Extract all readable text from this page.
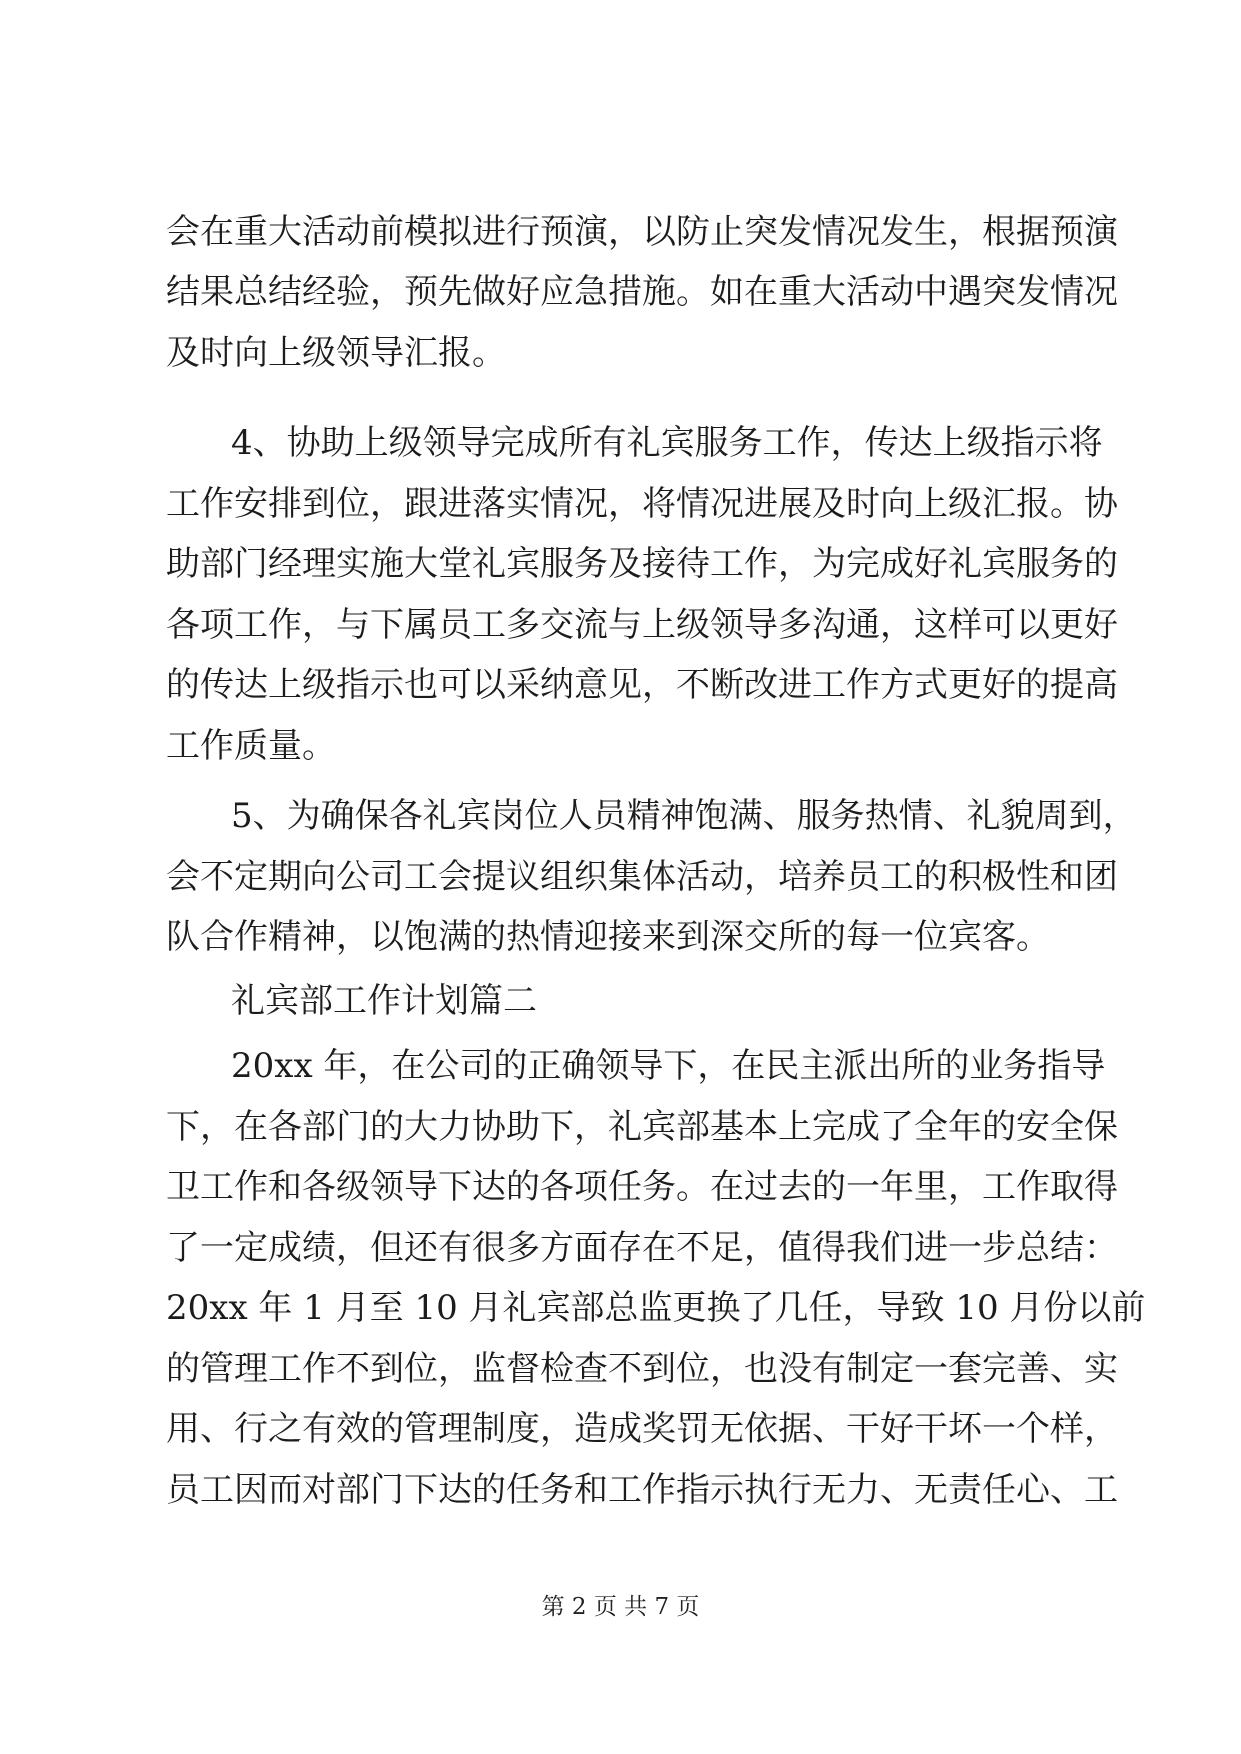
会在重大活动前模拟进行预演，以防止突发情况发生，根据预演
结果总结经验，预先做好应急措施。如在重大活动中遇突发情况
及时向上级领导汇报。
4、协助上级领导完成所有礼宾服务工作，传达上级指示将
工作安排到位，跟进落实情况，将情况进展及时向上级汇报。协
助部门经理实施大堂礼宾服务及接待工作，为完成好礼宾服务的
各项工作，与下属员工多交流与上级领导多沟通，这样可以更好
的传达上级指示也可以采纳意见，不断改进工作方式更好的提高
工作质量。
5、为确保各礼宾岗位人员精神饱满、服务热情、礼貌周到，
会不定期向公司工会提议组织集体活动，培养员工的积极性和团
队合作精神，以饱满的热情迎接来到深交所的每一位宾客。
礼宾部工作计划篇二
20xx 年，在公司的正确领导下，在民主派出所的业务指导
下，在各部门的大力协助下，礼宾部基本上完成了全年的安全保
卫工作和各级领导下达的各项任务。在过去的一年里，工作取得
了一定成绩，但还有很多方面存在不足，值得我们进一步总结：
20xx 年 1 月至 10 月礼宾部总监更换了几任，导致 10 月份以前
的管理工作不到位，监督检查不到位，也没有制定一套完善、实
用、行之有效的管理制度，造成奖罚无依据、干好干坏一个样，
员工因而对部门下达的任务和工作指示执行无力、无责任心、工
第 2 页 共 7 页
